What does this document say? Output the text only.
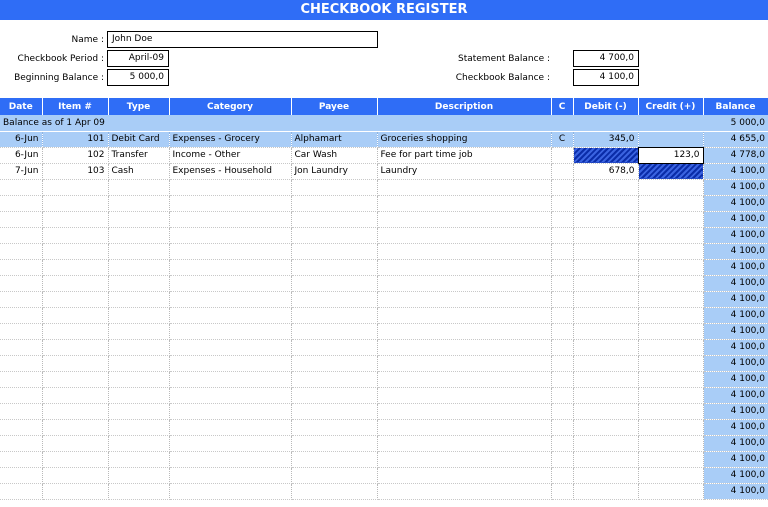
CHECKBOOK REGISTER
Name : John Doe
Checkbook Period :	April-09
Beginning Balance :	5 000,0
Statement Balance :	4 700,0
Checkbook Balance :	4 100,0
Date	Item #	Type	Category	Payee	Description	C	Debit (-)	Credit (+)	Balance
Balance as of 1 Apr 09									5 000,0
6-Jun	101	Debit Card	Expenses - Grocery	Alphamart	Groceries shopping	C	345,0		4 655,0
6-Jun	102	Transfer	Income - Other	Car Wash	Fee for part time job			123,0	4 778,0
7-Jun	103	Cash	Expenses - Household	Jon Laundry	Laundry		678,0		4 100,0
									4 100,0
									4 100,0
									4 100,0
									4 100,0
									4 100,0
									4 100,0
									4 100,0
									4 100,0
									4 100,0
									4 100,0
									4 100,0
									4 100,0
									4 100,0
									4 100,0
									4 100,0
									4 100,0
									4 100,0
									4 100,0
									4 100,0
									4 100,0
